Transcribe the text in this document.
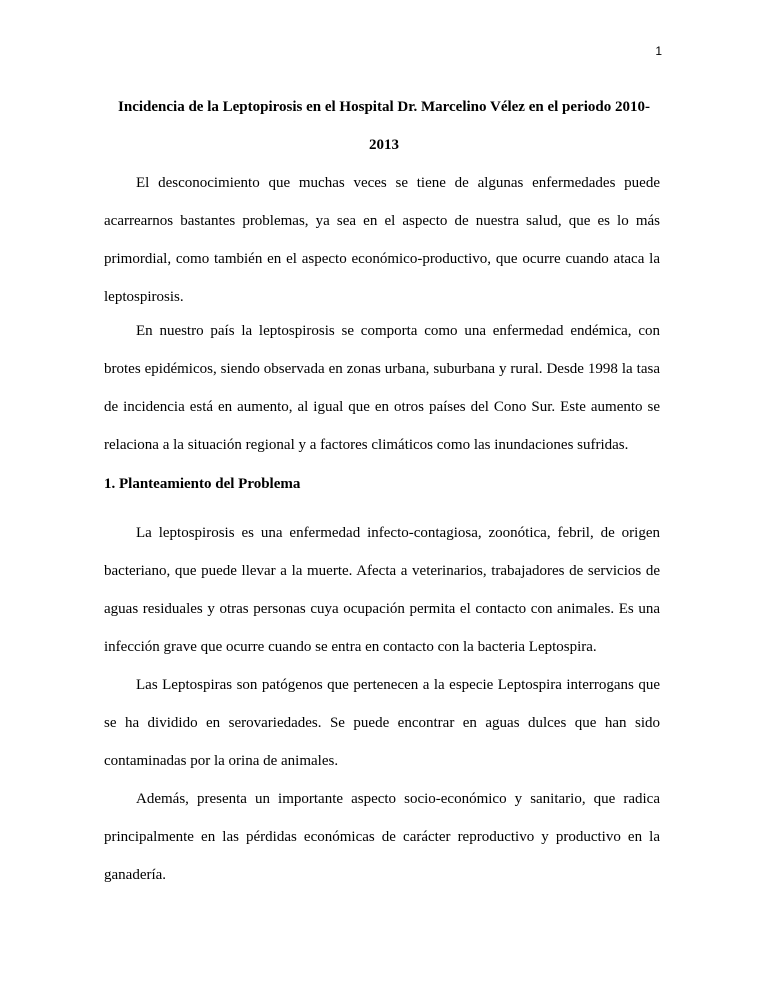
1
Incidencia de la Leptopirosis en el Hospital Dr. Marcelino Vélez en el periodo 2010-2013

El desconocimiento que muchas veces se tiene de algunas enfermedades puede acarrearnos bastantes problemas, ya sea en el aspecto de nuestra salud, que es lo más primordial, como también en el aspecto económico-productivo, que ocurre cuando ataca la leptospirosis.

En nuestro país la leptospirosis se comporta como una enfermedad endémica, con brotes epidémicos, siendo observada en zonas urbana, suburbana y rural. Desde 1998 la tasa de incidencia está en aumento, al igual que en otros países del Cono Sur. Este aumento se relaciona a la situación regional y a factores climáticos como las inundaciones sufridas.

1. Planteamiento del Problema

La leptospirosis es una enfermedad infecto-contagiosa, zoonótica, febril, de origen bacteriano, que puede llevar a la muerte. Afecta a veterinarios, trabajadores de servicios de aguas residuales y otras personas cuya ocupación permita el contacto con animales. Es una infección grave que ocurre cuando se entra en contacto con la bacteria Leptospira.

Las Leptospiras son patógenos que pertenecen a la especie Leptospira interrogans que se ha dividido en serovariedades. Se puede encontrar en aguas dulces que han sido contaminadas por la orina de animales.

Además, presenta un importante aspecto socio-económico y sanitario, que radica principalmente en las pérdidas económicas de carácter reproductivo y productivo en la ganadería.
